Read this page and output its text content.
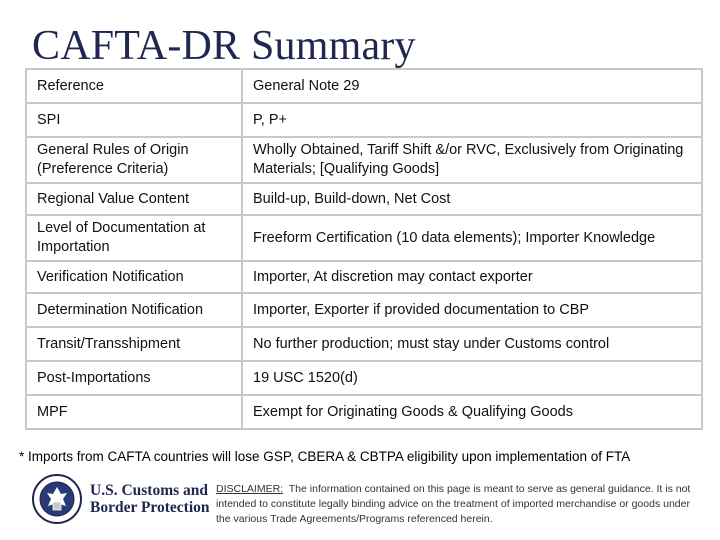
CAFTA-DR Summary
Reference	General Note 29
SPI	P, P+
General Rules of Origin (Preference Criteria)	Wholly Obtained, Tariff Shift &/or RVC, Exclusively from Originating Materials; [Qualifying Goods]
Regional Value Content	Build-up, Build-down, Net Cost
Level of Documentation at Importation	Freeform Certification (10 data elements); Importer Knowledge
Verification Notification	Importer, At discretion may contact exporter
Determination Notification	Importer, Exporter if provided documentation to CBP
Transit/Transshipment	No further production; must stay under Customs control
Post-Importations	19 USC 1520(d)
MPF	Exempt for Originating Goods & Qualifying Goods
* Imports from CAFTA countries will lose GSP, CBERA & CBTPA eligibility upon implementation of FTA
U.S. Customs and
Border Protection
DISCLAIMER: The information contained on this page is meant to serve as general guidance. It is not intended to constitute legally binding advice on the treatment of imported merchandise or goods under the various Trade Agreements/Programs referenced herein.
